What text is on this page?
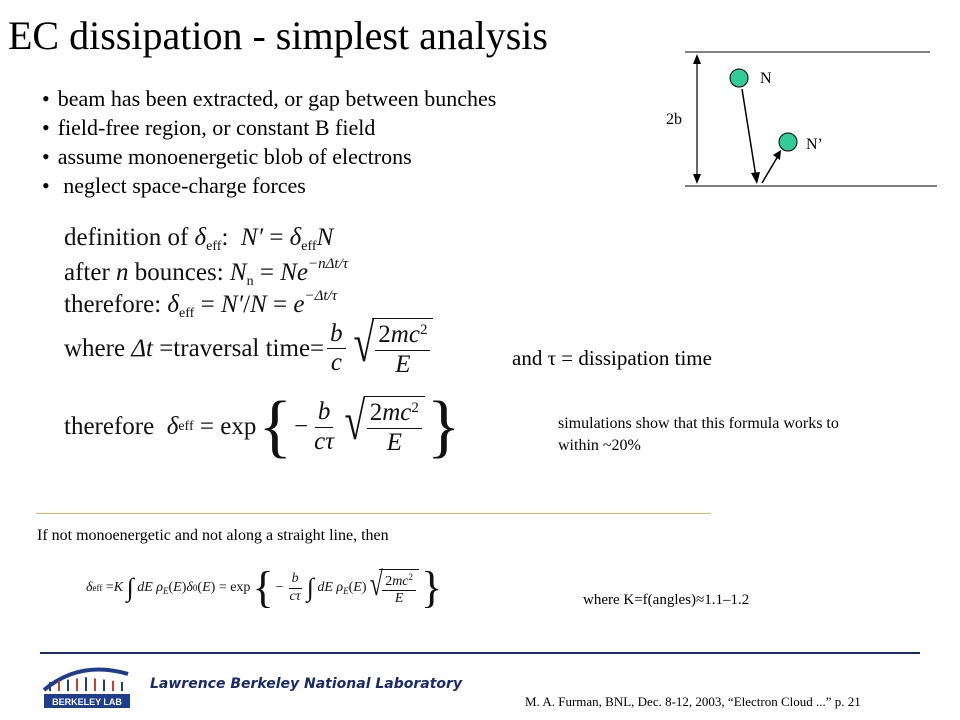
EC dissipation - simplest analysis
• beam has been extracted, or gap between bunches
• field-free region, or constant B field
• assume monoenergetic blob of electrons
•  neglect space-charge forces
2b
N
N’
definition of $\delta_{eff}$:  $N' = \delta_{eff}N$
after n bounces: $N_n = Ne^{-n\Delta t/\tau}$
therefore: $\delta_{eff} = N'/N = e^{-\Delta t/\tau}$
where
Δt
=traversal time= $\frac{b}{c}$ √ $\frac{2mc^2}{E}$	and τ = dissipation time
therefore
δ eff = exp { − $\frac{b}{c\tau}$ √ $\frac{2mc^2}{E}$ }	simulations show that this formula works to within ~20%
If not monoenergetic and not along a straight line, then
δ eff = K
∫
dE $\rho_E$ ( E ) δ 0 ( E ) = exp { − $\frac{b}{c\tau}$ ∫
dE $\rho_E$ ( E ) √ $\frac{2mc^2}{E}$ }	where K=f(angles)≈1.1–1.2
BERKELEY LAB
Lawrence Berkeley National Laboratory
M. A. Furman, BNL, Dec. 8-12, 2003, “Electron Cloud ...” p. 21
